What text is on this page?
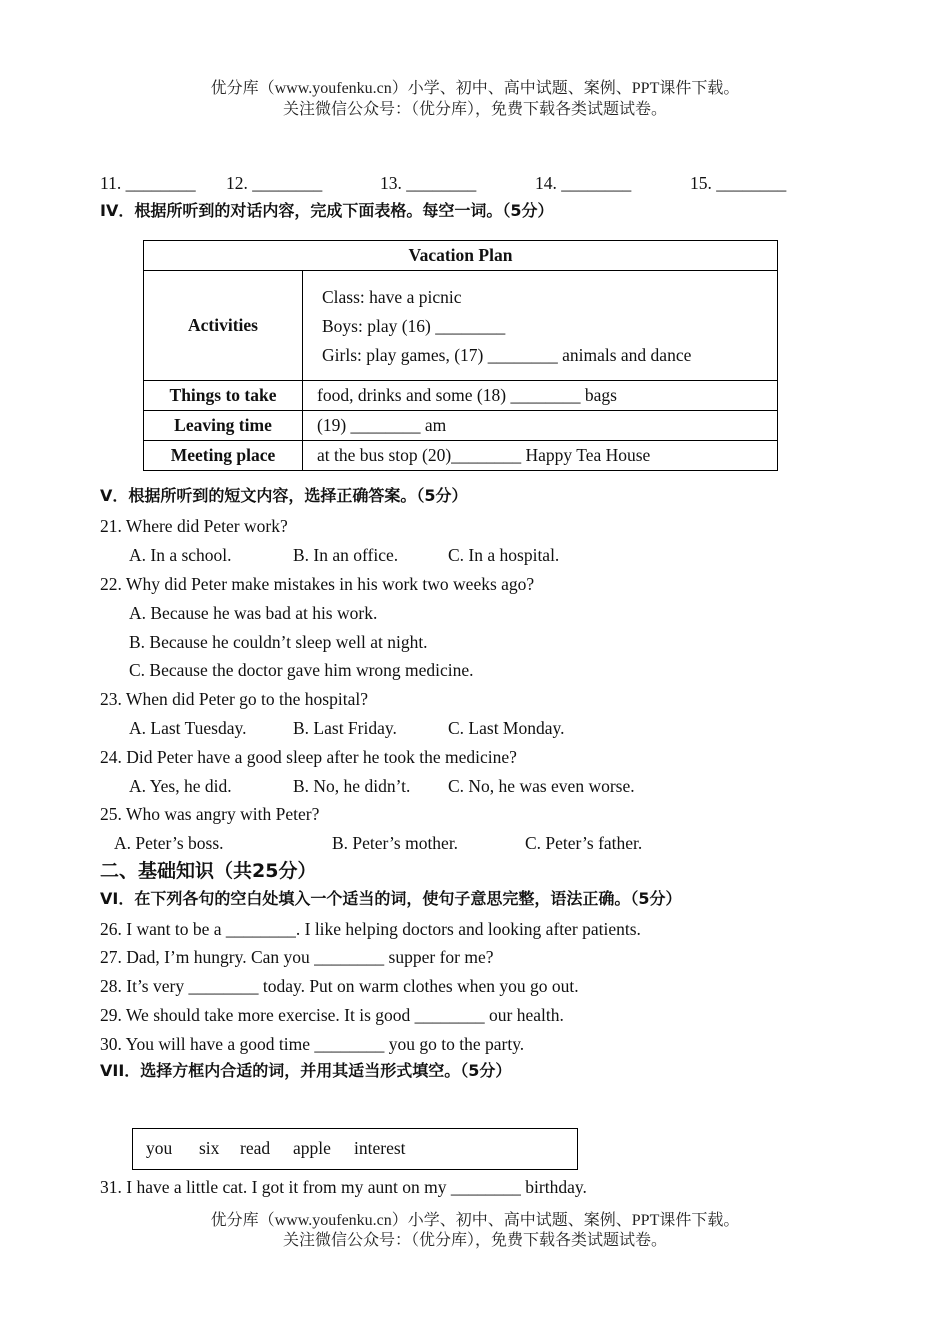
优分库（www.youfenku.cn）小学、初中、高中试题、案例、PPT课件下载。
关注微信公众号：（优分库），免费下载各类试题试卷。
11. ________ 12. ________	13. ________	14. ________	15. ________
IV．根据所听到的对话内容，完成下面表格。每空一词。（5分）
Vacation Plan	
Activities	Class: have a picnic
Boys: play (16) ________
Girls: play games, (17) ________ animals and dance

Things to take	food, drinks and some (18) ________ bags
Leaving time	(19) ________ am
Meeting place	at the bus stop (20)________ Happy Tea House
V．根据所听到的短文内容，选择正确答案。（5分）
21. Where did Peter work?
A. In a school.	B. In an office.	C. In a hospital.
22. Why did Peter make mistakes in his work two weeks ago?
A. Because he was bad at his work.
B. Because he couldn’t sleep well at night.
C. Because the doctor gave him wrong medicine.
23. When did Peter go to the hospital?
A. Last Tuesday.	B. Last Friday.	C. Last Monday.
24. Did Peter have a good sleep after he took the medicine?
A. Yes, he did.	B. No, he didn’t. C. No, he was even worse.
25. Who was angry with Peter?
A. Peter’s boss.	B. Peter’s mother.	C. Peter’s father.
二、基础知识（共25分）
VI．在下列各句的空白处填入一个适当的词，使句子意思完整，语法正确。（5分）
26. I want to be a ________. I like helping doctors and looking after patients.
27. Dad, I’m hungry. Can you ________ supper for me?
28. It’s very ________ today. Put on warm clothes when you go out.
29. We should take more exercise. It is good ________ our health.
30. You will have a good time ________ you go to the party.
VII．选择方框内合适的词，并用其适当形式填空。（5分）
you six read apple interest
31. I have a little cat. I got it from my aunt on my ________ birthday.
优分库（www.youfenku.cn）小学、初中、高中试题、案例、PPT课件下载。
关注微信公众号：（优分库），免费下载各类试题试卷。
